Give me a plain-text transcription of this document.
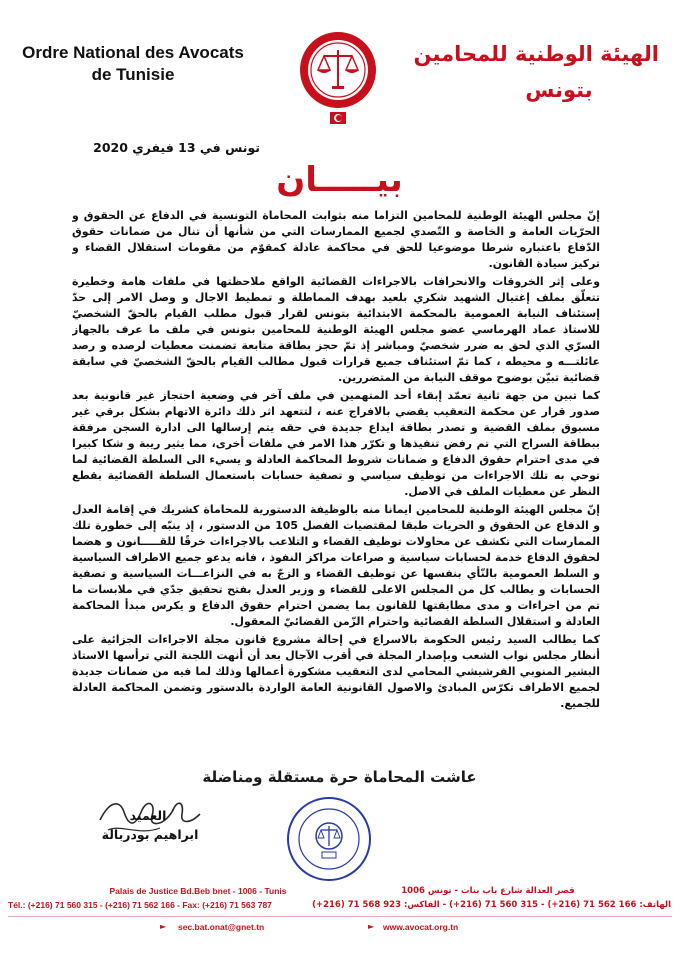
Ordre National des Avocats
de Tunisie
الهيئة الوطنية للمحامين
بتونس
تونس في 13 فيفري 2020
بيـــــان

إنّ مجلس الهيئة الوطنية للمحامين التزاما منه بثوابت المحاماة التونسية في الدفاع عن الحقوق و الحرّيات العامة و الخاصة و التّصدي لجميع الممارسات التي من شأنها أن تنال من ضمانات حقوق الدّفاع باعتباره شرطا موضوعيا للحق في محاكمة عادلة كمقوّم من مقومات استقلال القضاء و تركيز سيادة القانون.

وعلى إثر الخروقات والانحرافات بالاجراءات القضائية الواقع ملاحظتها في ملفات هامة وخطيرة تتعلّق بملف إغتيال الشهيد شكري بلعيد بهدف المماطلة و تمطيط الاجال و وصل الامر إلى حدّ إستئناف النيابة العمومية بالمحكمة الابتدائية بتونس لقرار قبول مطلب القيام بالحقّ الشخصيّ للاستاذ عماد الهرماسي عضو مجلس الهيئة الوطنية للمحامين بتونس في ملف ما عرف بالجهاز السرّي الذي لحق به ضرر شخصيّ ومباشر إذ تمّ حجز بطاقة متابعة تضمنت معطيات لرصده و رصد عائلتـــه و محيطه ، كما تمّ استئناف جميع قرارات قبول مطالب القيام بالحقّ الشخصيّ في سابقة قضائية تبيّن بوضوح موقف النيابة من المتضررين.

كما تبين من جهة ثانية تعمّد إبقاء أحد المتهمين في ملف آخر في وضعية احتجاز غير قانونية بعد صدور قرار عن محكمة التعقيب يقضي بالافراج عنه ، لتتعهد اثر ذلك دائرة الاتهام بشكل برقي غير مسبوق بملف القضية و تصدر بطاقة ايداع جديدة في حقه يتم إرسالها الى ادارة السجن مرفقة ببطاقة السراح التي تم رفض تنفيذها و تكرّر هذا الامر في ملفات أخرى، مما يثير ريبة و شكا كبيرا في مدى احترام حقوق الدفاع و ضمانات شروط المحاكمة العادلة و يسيء الى السلطة القضائية لما توحي به تلك الاجراءات من توظيف سياسي و تصفية حسابات باستعمال السلطة القضائية بقطع النظر عن معطيات الملف في الاصل.

إنّ مجلس الهيئة الوطنية للمحامين ايمانا منه بالوظيفة الدستورية للمحاماة كشريك في إقامة العدل و الدفاع عن الحقوق و الحريات طبقا لمقتضيات الفصل 105 من الدستور ، إذ ينبّه إلى خطورة تلك الممارسات التي تكشف عن محاولات توظيف القضاء و التلاعب بالاجراءات خرقًا للقـــــانون و هضما لحقوق الدفاع خدمة لحسابات سياسية و صراعات مراكز النفوذ ، فانه يدعو جميع الاطراف السياسية و السلط العمومية بالنّأي بنفسها عن توظيف القضاء و الزجّ به في النزاعـــات السياسية و تصفية الحسابات و يطالب كل من المجلس الاعلى للقضاء و وزير العدل بفتح تحقيق جدّي في ملابسات ما تم من اجراءات و مدى مطابقتها للقانون بما يضمن احترام حقوق الدفاع و يكرس مبدأ المحاكمة العادلة و استقلال السلطة القضائية واحترام الزّمن القضائيّ المعقول.

كما يطالب السيد رئيس الحكومة بالاسراع في إحالة مشروع قانون مجلة الاجراءات الجزائية على أنظار مجلس نواب الشعب وبإصدار المجلة في أقرب الآجال بعد أن أنهت اللجنة التي ترأسها الاستاذ البشير المنوبي الفرشيشي المحامي لدى التعقيب مشكورة أعمالها وذلك لما فيه من ضمانات جديدة لجميع الاطراف تكرّس المبادئ والاصول القانونية العامة الواردة بالدستور وتضمن المحاكمة العادلة للجميع.

عاشت المحاماة حرة مستقلة ومناضلة
العميد
ابراهيم بودربالة
Palais de Justice Bd.Beb bnet - 1006 - Tunis
Tél.: (+216) 71 560 315 - (+216) 71 562 166 - Fax: (+216) 71 563 787
قصر العدالة شارع باب بنات - تونس 1006
الهاتف: 166 562 71 (216+) - 315 560 71 (216+) - الفاكس: 923 568 71 (216+)
► sec.bat.onat@gnet.tn	► www.avocat.org.tn
